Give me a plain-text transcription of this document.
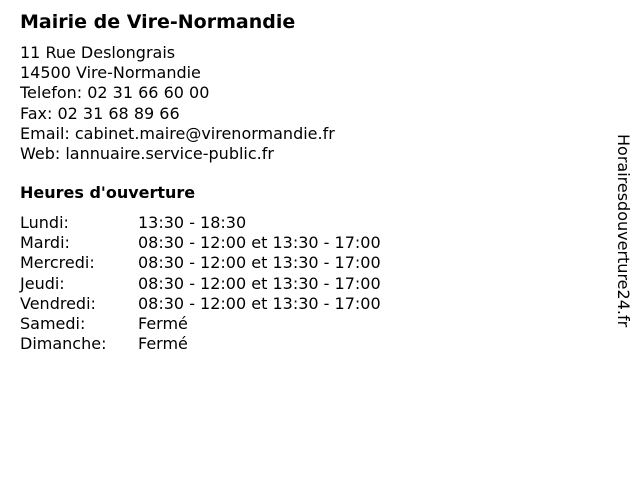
Mairie de Vire-Normandie
11 Rue Deslongrais
14500 Vire-Normandie
Telefon: 02 31 66 60 00
Fax: 02 31 68 89 66
Email: cabinet.maire@virenormandie.fr
Web: lannuaire.service-public.fr
Heures d'ouverture
Lundi:	13:30 - 18:30
Mardi:	08:30 - 12:00 et 13:30 - 17:00
Mercredi:	08:30 - 12:00 et 13:30 - 17:00
Jeudi:	08:30 - 12:00 et 13:30 - 17:00
Vendredi:	08:30 - 12:00 et 13:30 - 17:00
Samedi:	Fermé
Dimanche:	Fermé
Horairesdouverture24.fr
